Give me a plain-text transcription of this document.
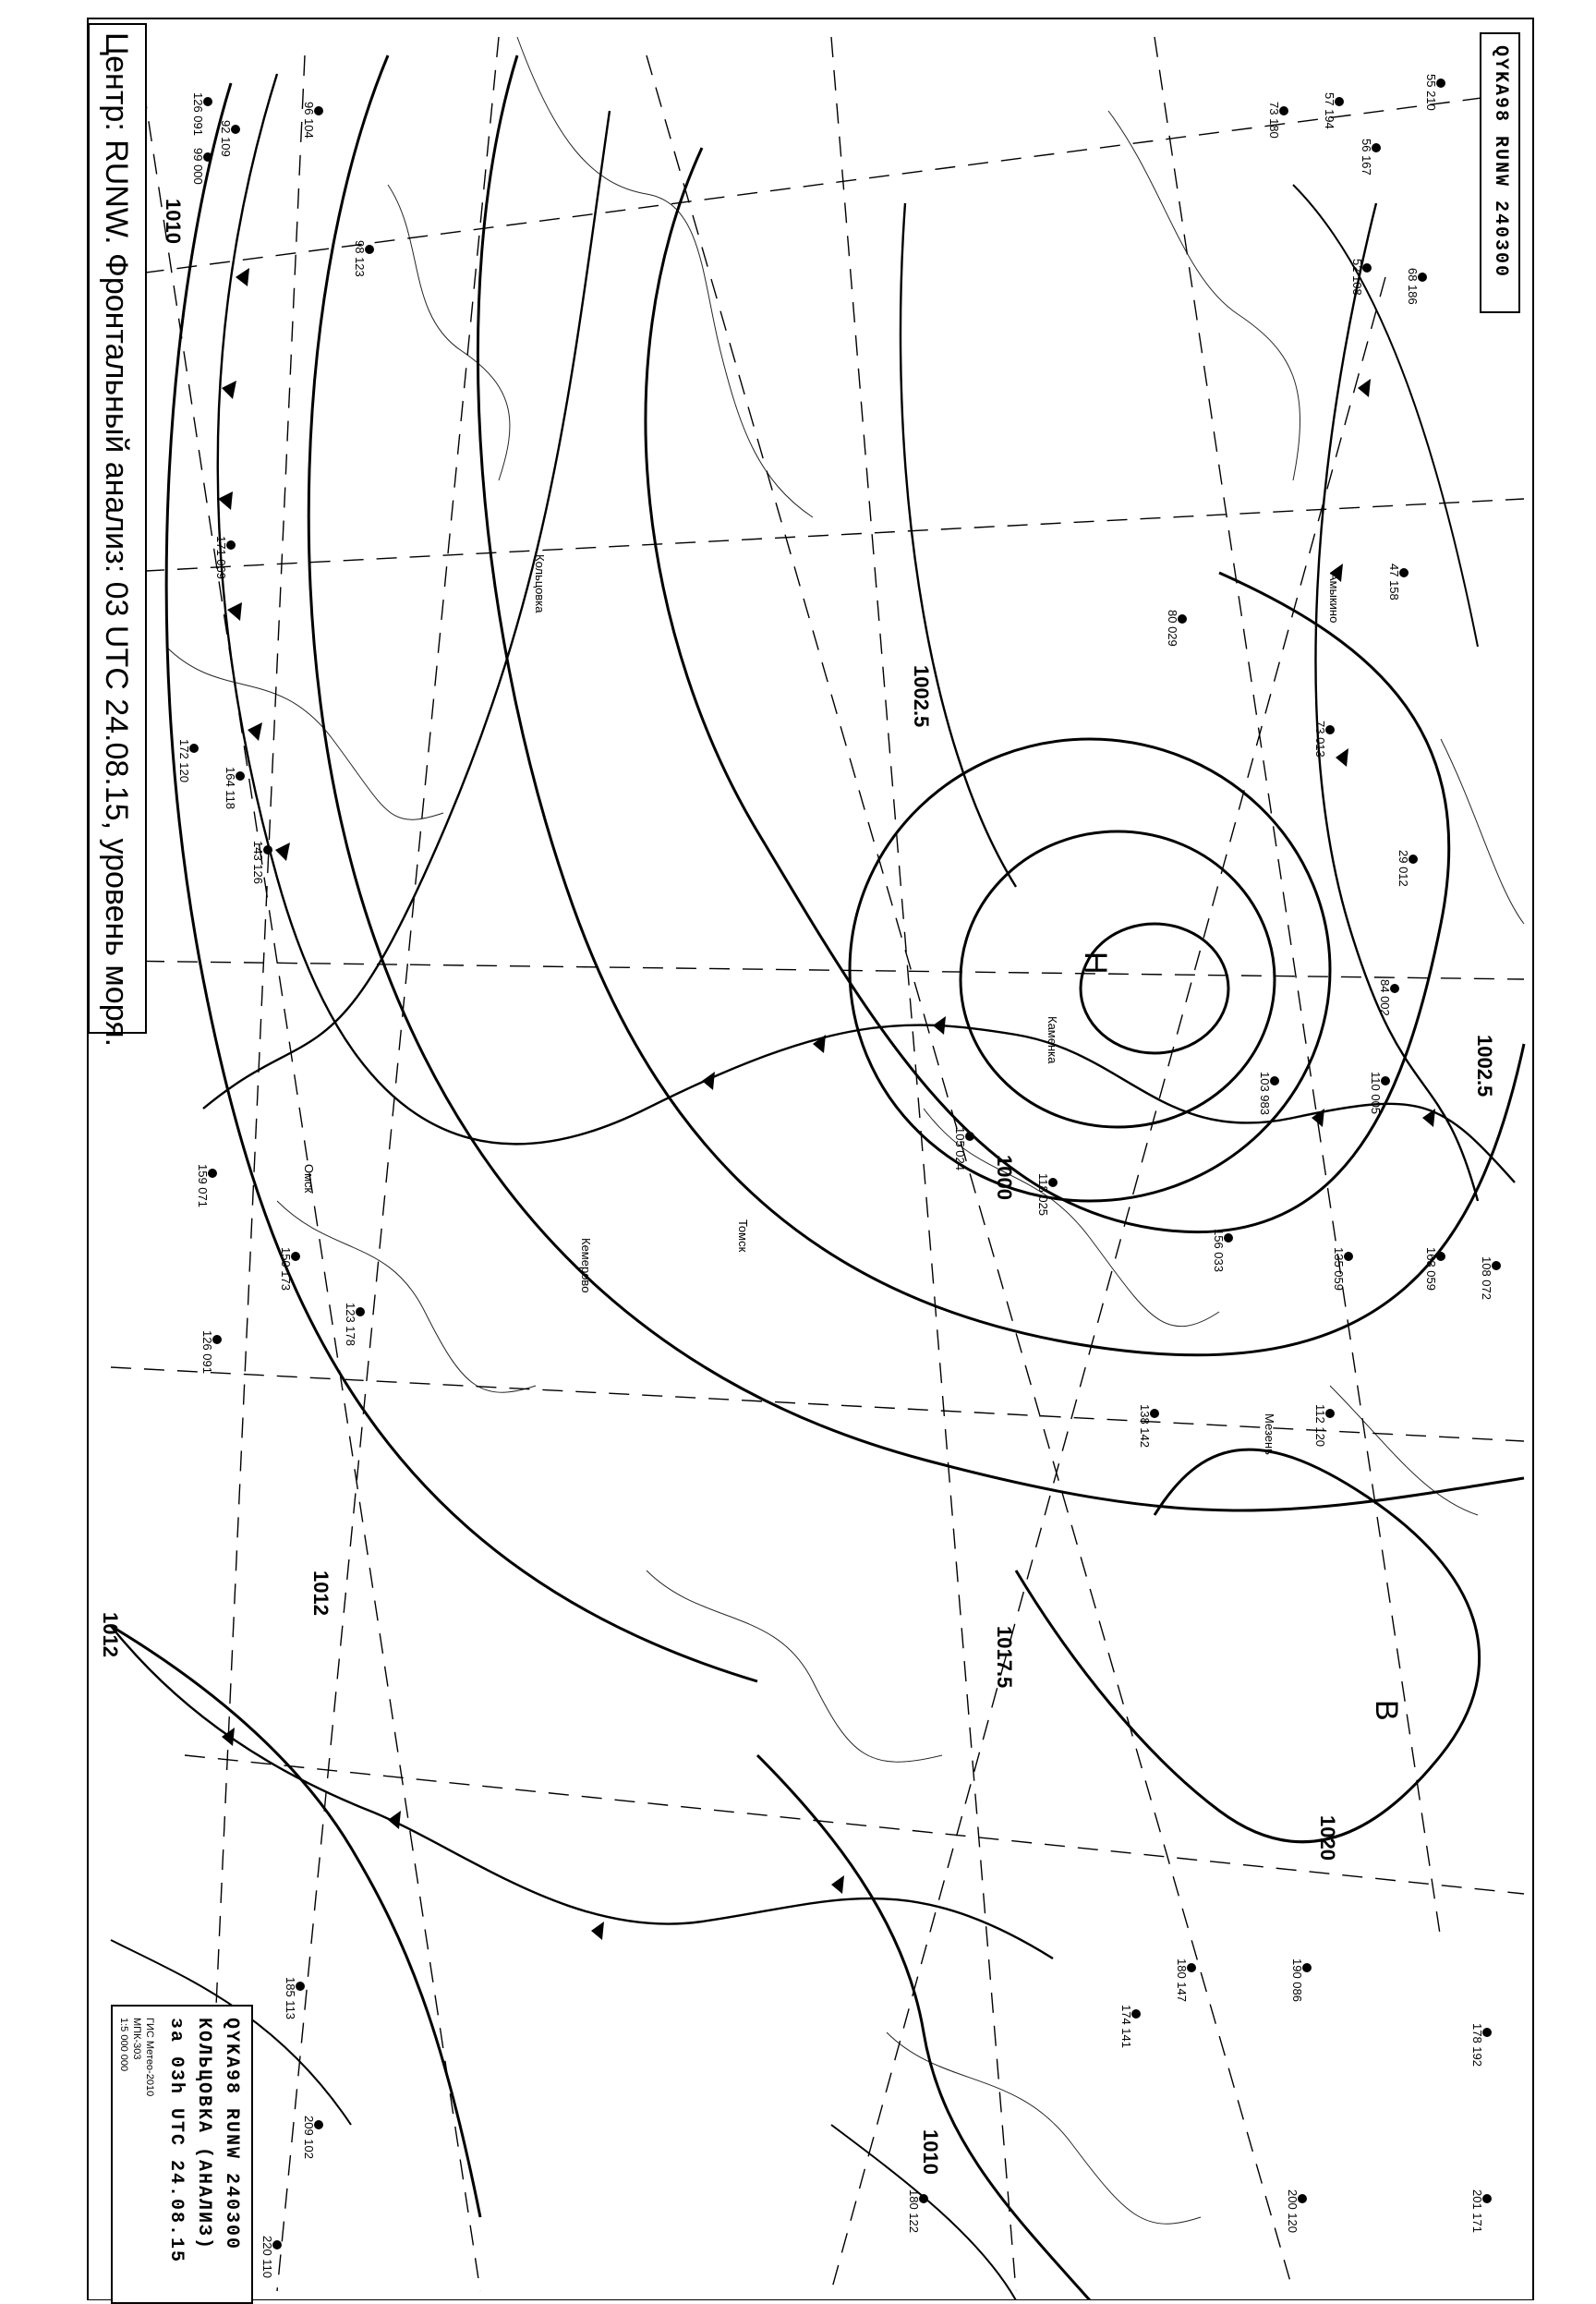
1000
1002.5
1002.5
1010
1012	1017.5
1020
1012
1010
126 091
92 109
99 000
96 104	73 180
55 210
56 167
57 194
171 069
98 123
159 071
52 108
138 142	112 120
80 029
68 186
47 158
73 013
29 012
84 002
126 091
123 178
150 173
143 126
164 118
172 120
156 033
108 072
103 983	110 005
105 024
118 025
190 086
185 113
209 102
220 110
200 120
180 122	201 171
174 141
180 147
135 059	163 059
178 192
Кольцовка
Кемерово
Омск
Томск
Мезень
Каменка
Амыкино
Н
В
Центр: RUNW. Фронтальный анализ: 03 UTC 24.08.15, уровень моря.	QYKA98 RUNW 240300
QYKA98 RUNW 240300
КОЛЬЦОВКА (АНАЛИЗ)
за 03h UTC 24.08.15
ГИС Метео-2010
МПК-303
1:5 000 000
